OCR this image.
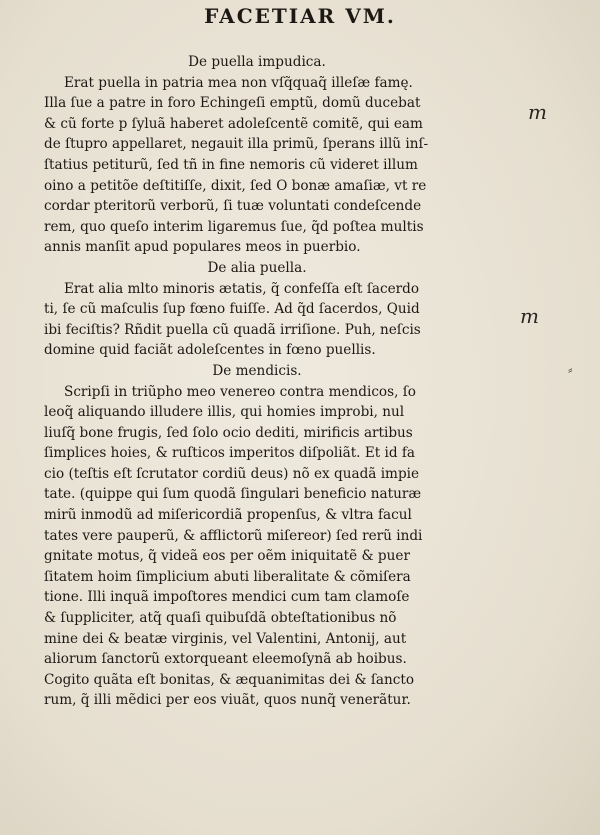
FACETIAR VM.
De puella impudica.
Erat puella in patria mea non vſq̃quaq̃ illeſæ famę.
Illa ſue a patre in foro Echingeſi emptũ, domũ ducebat
& cũ forte p ſyluã haberet adoleſcentẽ comitẽ, qui eam
de ſtupro appellaret, negauit illa primũ, ſperans illũ inſ-
ſtatius petiturũ, ſed tñ in fine nemoris cũ videret illum
oino a petitõe deſtitiſſe, dixit, ſed O bonæ amaſiæ, vt re
cordar pteritorũ verborũ, ſi tuæ voluntati condeſcende
rem, quo queſo interim ligaremus ſue, q̃d poſtea multis
annis manſit apud populares meos in puerbio.
De alia puella.
Erat alia mlto minoris ætatis, q̃ confeſſa eſt ſacerdo
ti, ſe cũ maſculis ſup fœno fuiſſe. Ad q̃d ſacerdos, Quid
ibi feciſtis? Rñdit puella cũ quadã irriſione. Puh, neſcis
domine quid faciãt adoleſcentes in fœno puellis.
De mendicis.
Scripſi in triũpho meo venereo contra mendicos, ſo
leoq̃ aliquando illudere illis, qui homies improbi, nul
liuſq̃ bone frugis, ſed ſolo ocio dediti, mirificis artibus
ſimplices hoies, & ruſticos imperitos diſpoliãt. Et id fa
cio (teſtis eſt ſcrutator cordiũ deus) nõ ex quadã impie
tate. (quippe qui ſum quodã ſingulari beneficio naturæ
mirũ inmodũ ad miſericordiã propenſus, & vltra facul
tates vere pauperũ, & afflictorũ miſereor) ſed rerũ indi
gnitate motus, q̃ videã eos per oẽm iniquitatẽ & puer
ſitatem hoim ſimplicium abuti liberalitate & cõmiſera
tione. Illi inquã impoſtores mendici cum tam clamoſe
& ſuppliciter, atq̃ quaſi quibuſdã obteſtationibus nõ
mine dei & beatæ virginis, vel Valentini, Antonij, aut
aliorum ſanctorũ extorqueant eleemoſynã ab hoibus.
Cogito quãta eſt bonitas, & æquanimitas dei & ſancto
rum, q̃ illi mẽdici per eos viuãt, quos nunq̃ venerãtur.
m
m
⸗
